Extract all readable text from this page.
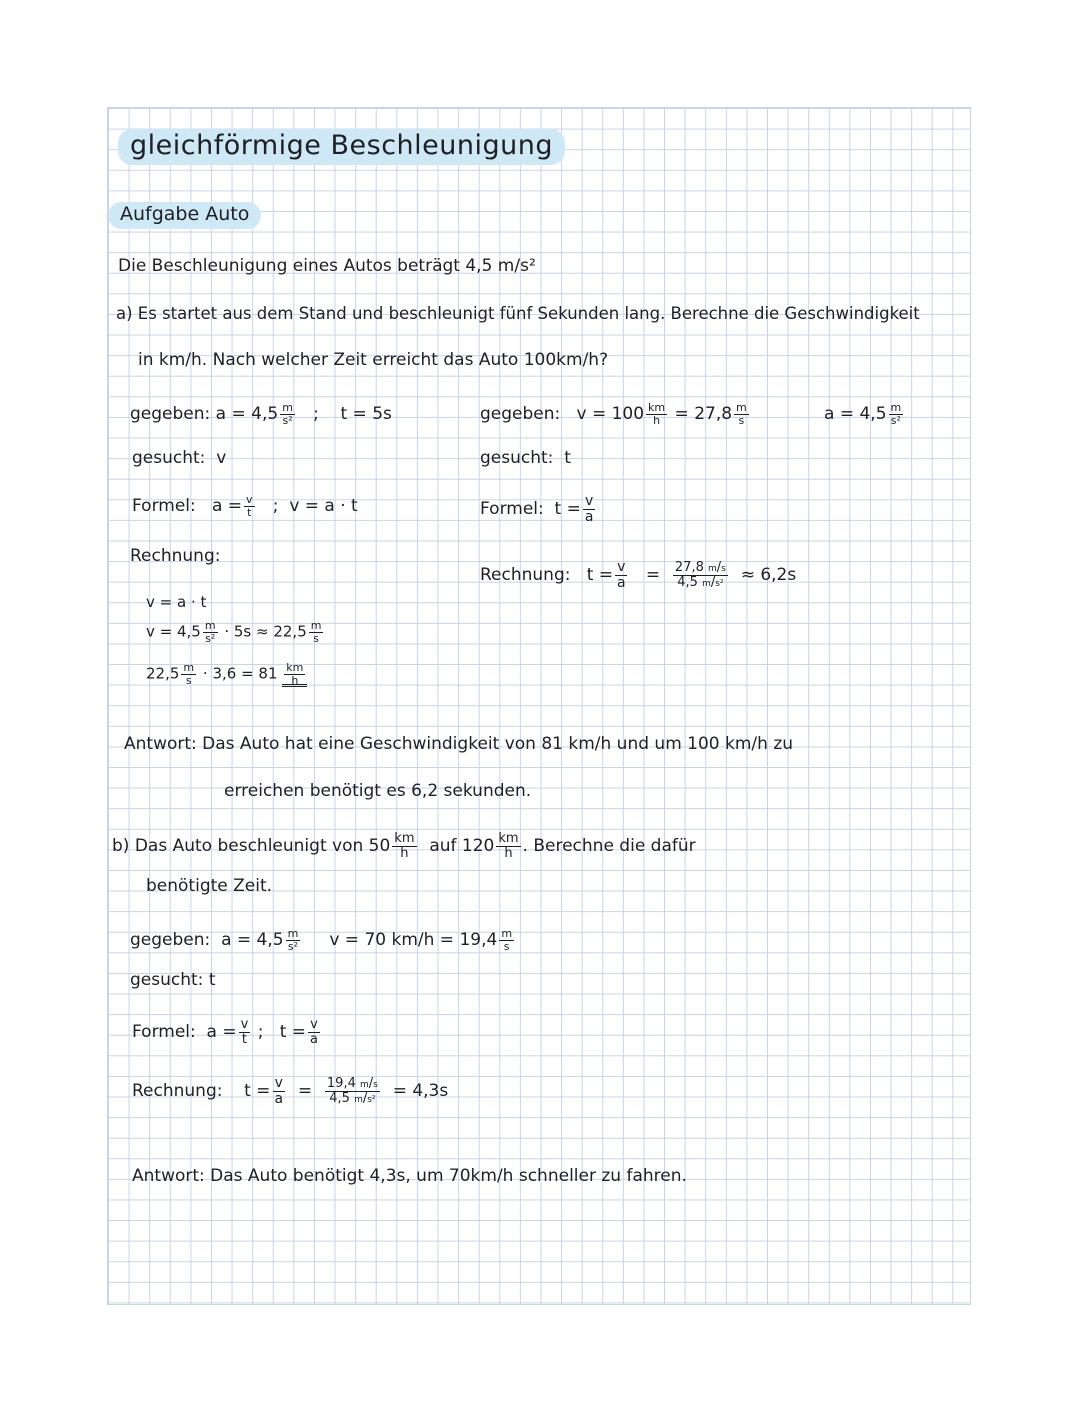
gleichförmige Beschleunigung
Aufgabe Auto
Die Beschleunigung eines Autos beträgt 4,5 m/s²
a) Es startet aus dem Stand und beschleunigt fünf Sekunden lang. Berechne die Geschwindigkeit
in km/h. Nach welcher Zeit erreicht das Auto 100km/h?
gegeben: $a = 4,5 \frac{m}{\text{s²}}$ ; t = 5s
gesucht: v
Formel: $a = \frac{v}{t}$ ; v = a · t
Rechnung:
v = a · t
$v = 4,5 \frac{m}{\text{s²}} \cdot 5s \approx 22,5 \frac{m}{s}$
$22,5 \frac{m}{s} \cdot 3,6 = 81 \frac{km}{h}$
gegeben: $v = 100 \frac{km}{h} = 27,8 \frac{m}{s}$	$a = 4,5 \frac{m}{\text{s²}}$
gesucht: t
Formel: $t = \frac{v}{a}$
Rechnung: $t = \frac{v}{a} = \frac{27,8 m/s}{\text{4,5 m/s²}} \approx 6,2s$
Antwort: Das Auto hat eine Geschwindigkeit von 81 km/h und um 100 km/h zu
erreichen benötigt es 6,2 sekunden.
b) Das Auto beschleunigt von $50 \frac{km}{h}$ auf $120 \frac{km}{h}$ . Berechne die dafür
benötigte Zeit.
gegeben: $a = 4,5 \frac{m}{\text{s²}}$ v = 70 $km/h = 19,4 \frac{m}{s}$
gesucht: t
Formel: $a = \frac{v}{t}$ ; $t = \frac{v}{a}$
Rechnung: $t = \frac{v}{a} = \frac{19,4 m/s}{\text{4,5 m/s²}} = 4,3s$
Antwort: Das Auto benötigt 4,3s, um 70km/h schneller zu fahren.
